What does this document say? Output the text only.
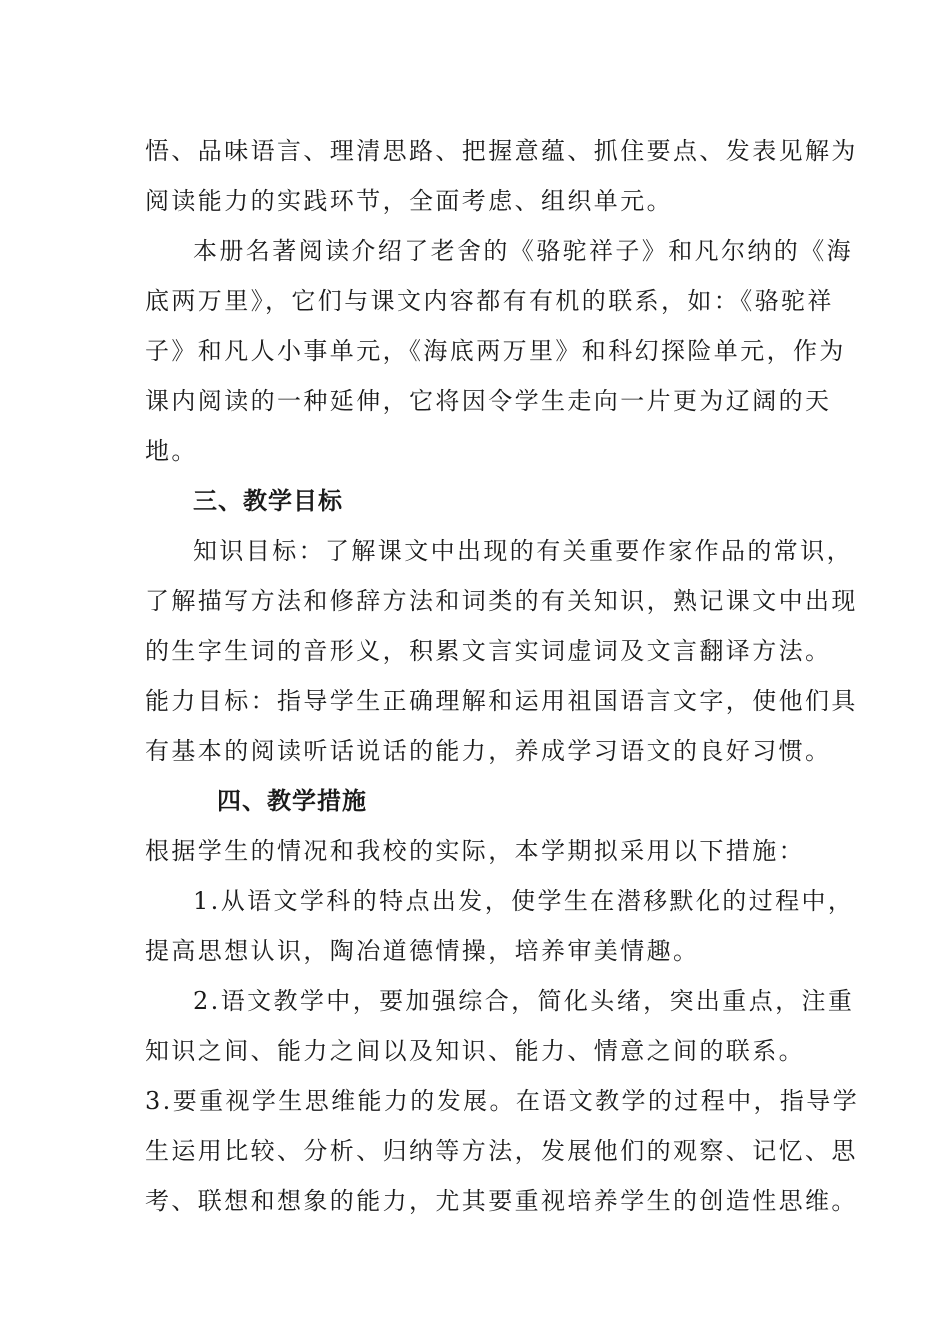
悟、品味语言、理清思路、把握意蕴、抓住要点、发表见解为
阅读能力的实践环节，全面考虑、组织单元。
本册名著阅读介绍了老舍的《骆驼祥子》和凡尔纳的《海
底两万里》，它们与课文内容都有有机的联系，如：《骆驼祥
子》和凡人小事单元，《海底两万里》和科幻探险单元，作为
课内阅读的一种延伸，它将因令学生走向一片更为辽阔的天
地。
三、教学目标
知识目标：了解课文中出现的有关重要作家作品的常识，
了解描写方法和修辞方法和词类的有关知识，熟记课文中出现
的生字生词的音形义，积累文言实词虚词及文言翻译方法。
能力目标：指导学生正确理解和运用祖国语言文字，使他们具
有基本的阅读听话说话的能力，养成学习语文的良好习惯。
四、教学措施
根据学生的情况和我校的实际，本学期拟采用以下措施：
1.从语文学科的特点出发，使学生在潜移默化的过程中，
提高思想认识，陶冶道德情操，培养审美情趣。
2.语文教学中，要加强综合，简化头绪，突出重点，注重
知识之间、能力之间以及知识、能力、情意之间的联系。
3.要重视学生思维能力的发展。在语文教学的过程中，指导学
生运用比较、分析、归纳等方法，发展他们的观察、记忆、思
考、联想和想象的能力，尤其要重视培养学生的创造性思维。
